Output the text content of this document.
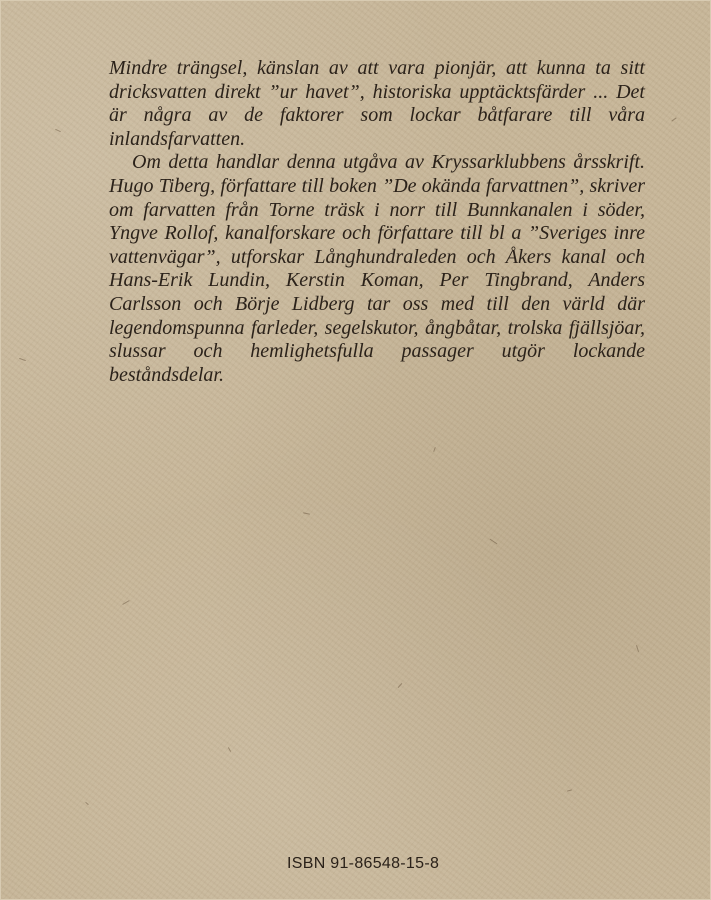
Mindre trängsel, känslan av att vara pionjär, att kunna ta sitt dricksvatten direkt ”ur havet”, historiska upptäcktsfärder ... Det är några av de faktorer som lockar båtfarare till våra inlandsfarvatten.

Om detta handlar denna utgåva av Kryssarklubbens årsskrift. Hugo Tiberg, författare till boken ”De okända farvattnen”, skriver om farvatten från Torne träsk i norr till Bunnkanalen i söder, Yngve Rollof, kanalforskare och författare till bl a ”Sveriges inre vattenvägar”, utforskar Långhundraleden och Åkers kanal och Hans-Erik Lundin, Kerstin Koman, Per Tingbrand, Anders Carlsson och Börje Lidberg tar oss med till den värld där legendomspunna farleder, segelskutor, ångbåtar, trolska fjällsjöar, slussar och hemlighetsfulla passager utgör lockande beståndsdelar.

ISBN 91-86548-15-8
